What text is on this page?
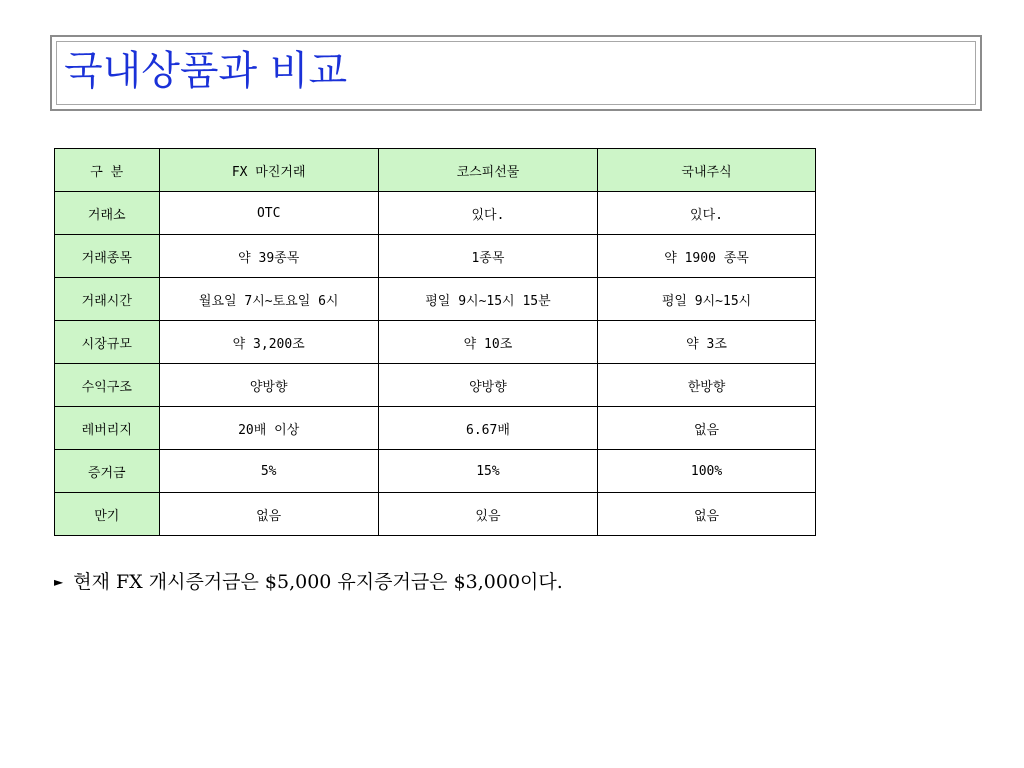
국내상품과 비교
구 분	FX 마진거래	코스피선물	국내주식
거래소	OTC	있다.	있다.
거래종목	약 39종목	1종목	약 1900 종목
거래시간	월요일 7시~토요일 6시	평일 9시~15시 15분	평일 9시~15시
시장규모	약 3,200조	약 10조	약 3조
수익구조	양방향	양방향	한방향
레버리지	20배 이상	6.67배	없음
증거금	5%	15%	100%
만기	없음	있음	없음
► 현재 FX 개시증거금은 $5,000 유지증거금은 $3,000이다.
